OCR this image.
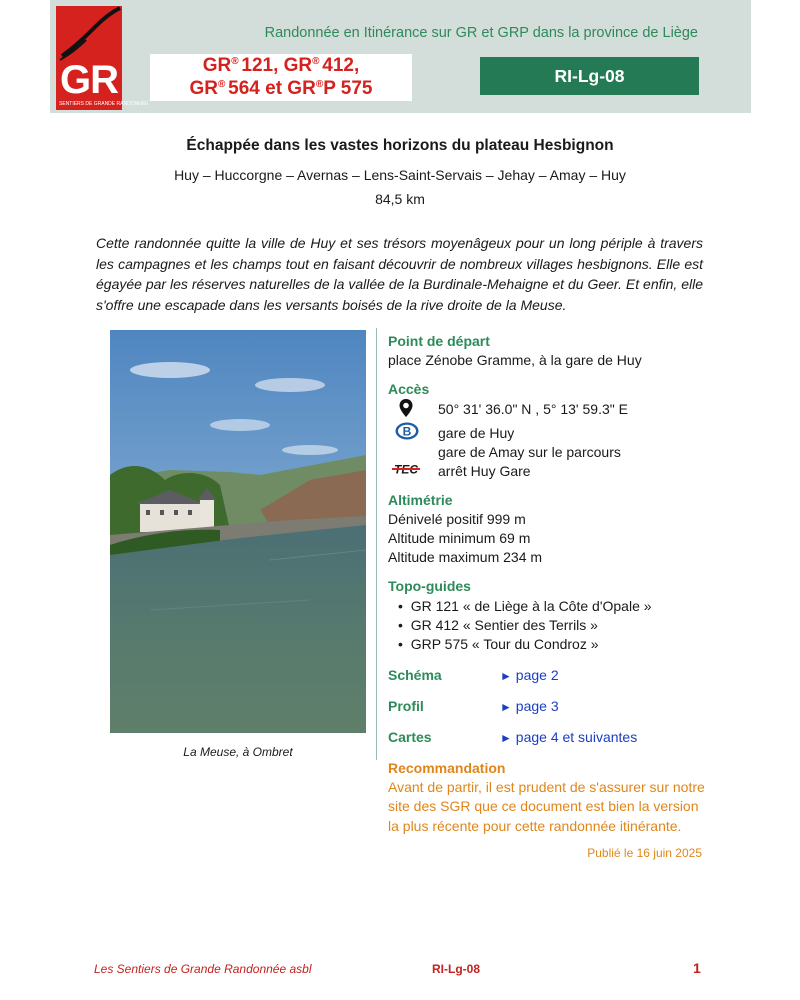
GR
SENTIERS DE GRANDE RANDONNÉE
Randonnée en Itinérance sur GR et GRP dans la province de Liège
GR® 121, GR® 412,
GR® 564 et GR®P 575
RI-Lg-08
Échappée dans les vastes horizons du plateau Hesbignon
Huy – Huccorgne – Avernas – Lens-Saint-Servais – Jehay – Amay – Huy
84,5 km
Cette randonnée quitte la ville de Huy et ses trésors moyenâgeux pour un long périple à travers les campagnes et les champs tout en faisant découvrir de nombreux villages hesbignons. Elle est égayée par les réserves naturelles de la vallée de la Burdinale-Mehaigne et du Geer. Et enfin, elle s'offre une escapade dans les versants boisés de la rive droite de la Meuse.
La Meuse, à Ombret
Point de départ
place Zénobe Gramme, à la gare de Huy
Accès
50° 31' 36.0" N , 5° 13' 59.3" E
B gare de Huy
gare de Amay sur le parcours
TEC arrêt Huy Gare
Altimétrie
Dénivelé positif 999 m
Altitude minimum 69 m
Altitude maximum 234 m
Topo-guides
•  GR 121 « de Liège à la Côte d'Opale »
•  GR 412 « Sentier des Terrils »
•  GRP 575 « Tour du Condroz »
Schéma	► page 2
Profil	► page 3
Cartes	► page 4 et suivantes
Recommandation
Avant de partir, il est prudent de s'assurer sur notre
site des SGR que ce document est bien la version
la plus récente pour cette randonnée itinérante.
Publié le 16 juin 2025
Les Sentiers de Grande Randonnée asbl	RI-Lg-08	1
